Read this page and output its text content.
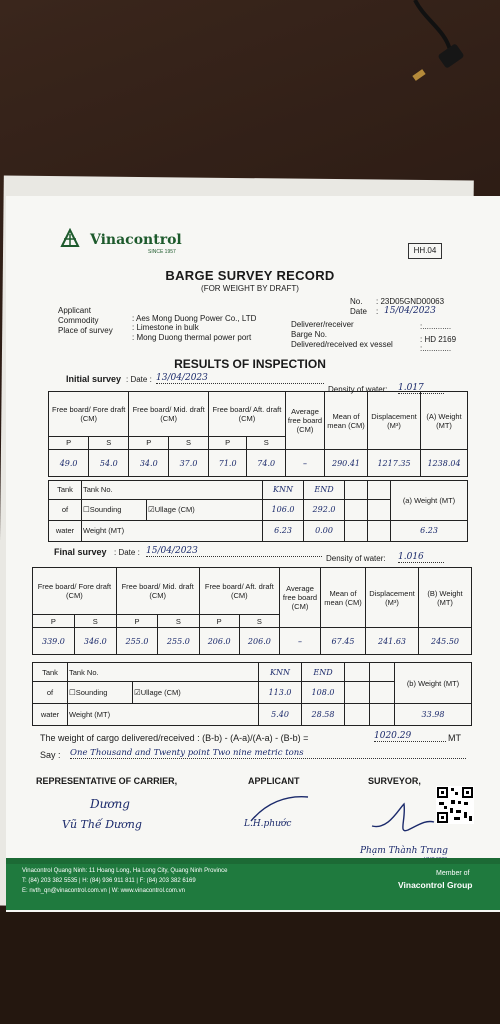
Vinacontrol
SINCE 1957	HH.04
BARGE SURVEY RECORD
(FOR WEIGHT BY DRAFT)
No. : 23D05GND00063
Date : 15/04/2023
Applicant
: Aes Mong Duong Power Co., LTD
Commodity
: Limestone in bulk
Place of survey
: Mong Duong thermal power port
Deliverer/receiver	:.............
Barge No.
: HD 2169
Delivered/received ex vessel	:.............
RESULTS OF INSPECTION
Initial survey : Date : 13/04/2023
Density of water: 1.017
Free board/ Fore draft (CM)		Free board/ Mid. draft (CM)		Free board/ Aft. draft (CM)		Average free board (CM)	Mean of mean (CM)	Displacement (M³)	(A) Weight (MT)
P	S	P	S	P	S				
49.0	54.0	34.0	37.0	71.0	74.0	–	290.41	1217.35	1238.04
Tank	Tank No.		KNN	END			(a) Weight (MT)
of	☐Sounding	☑Ullage (CM)	106.0	292.0			
water	Weight (MT)		6.23	0.00			6.23
Final survey : Date : 15/04/2023
Density of water: 1.016
Free board/ Fore draft (CM)		Free board/ Mid. draft (CM)		Free board/ Aft. draft (CM)		Average free board (CM)	Mean of mean (CM)	Displacement (M³)	(B) Weight (MT)
P	S	P	S	P	S				
339.0	346.0	255.0	255.0	206.0	206.0	–	67.45	241.63	245.50
Tank	Tank No.		KNN	END			(b) Weight (MT)
of	☐Sounding	☑Ullage (CM)	113.0	108.0			
water	Weight (MT)		5.40	28.58			33.98
The weight of cargo delivered/received : (B-b) - (A-a)/(A-a) - (B-b) =	1020.29	MT
Say : One Thousand and Twenty point Two nine metric tons
REPRESENTATIVE OF CARRIER,	APPLICANT	SURVEYOR,
Dương
Vũ Thế Dương	L.H.phước
Phạm Thành Trung
Vinacontrol Quang Ninh: 11 Hoang Long, Ha Long City, Quang Ninh Province
T: (84) 203 382 5535 | H: (84) 936 911 811 | F: (84) 203 382 6169
E: nvth_qn@vinacontrol.com.vn | W: www.vinacontrol.com.vn
Member of
Vinacontrol Group
